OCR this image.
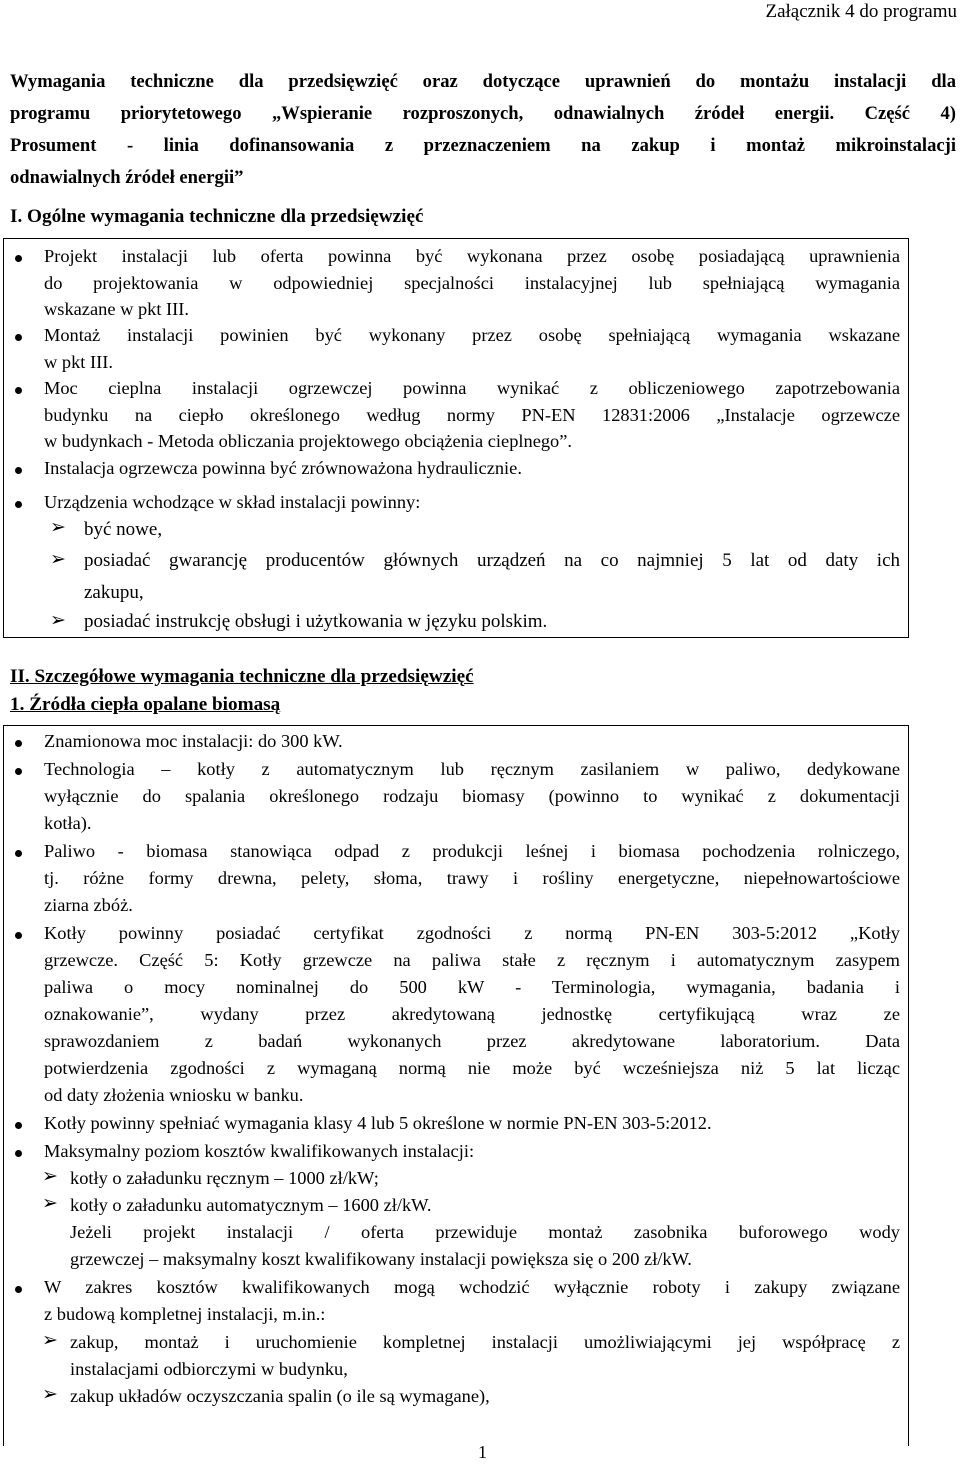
Załącznik 4 do programu
Wymagania techniczne dla przedsięwzięć oraz dotyczące uprawnień do montażu instalacji dla
programu priorytetowego „Wspieranie rozproszonych, odnawialnych źródeł energii. Część 4)
Prosument - linia dofinansowania z przeznaczeniem na zakup i montaż mikroinstalacji
odnawialnych źródeł energii”
I. Ogólne wymagania techniczne dla przedsięwzięć
Projekt instalacji lub oferta powinna być wykonana przez osobę posiadającą uprawnienia
do projektowania w odpowiedniej specjalności instalacyjnej lub spełniającą wymagania
wskazane w pkt III.
Montaż instalacji powinien być wykonany przez osobę spełniającą wymagania wskazane
w pkt III.
Moc cieplna instalacji ogrzewczej powinna wynikać z obliczeniowego zapotrzebowania
budynku na ciepło określonego według normy PN-EN 12831:2006 „Instalacje ogrzewcze
w budynkach - Metoda obliczania projektowego obciążenia cieplnego”.
Instalacja ogrzewcza powinna być zrównoważona hydraulicznie.
Urządzenia wchodzące w skład instalacji powinny:
➢ być nowe,
➢ posiadać gwarancję producentów głównych urządzeń na co najmniej 5 lat od daty ich
zakupu,
➢ posiadać instrukcję obsługi i użytkowania w języku polskim.
II. Szczegółowe wymagania techniczne dla przedsięwzięć
1. Źródła ciepła opalane biomasą
Znamionowa moc instalacji: do 300 kW.
Technologia – kotły z automatycznym lub ręcznym zasilaniem w paliwo, dedykowane
wyłącznie do spalania określonego rodzaju biomasy (powinno to wynikać z dokumentacji
kotła).
Paliwo - biomasa stanowiąca odpad z produkcji leśnej i biomasa pochodzenia rolniczego,
tj. różne formy drewna, pelety, słoma, trawy i rośliny energetyczne, niepełnowartościowe
ziarna zbóż.
Kotły powinny posiadać certyfikat zgodności z normą PN-EN 303-5:2012 „Kotły
grzewcze. Część 5: Kotły grzewcze na paliwa stałe z ręcznym i automatycznym zasypem
paliwa o mocy nominalnej do 500 kW - Terminologia, wymagania, badania i
oznakowanie”, wydany przez akredytowaną jednostkę certyfikującą wraz ze
sprawozdaniem z badań wykonanych przez akredytowane laboratorium. Data
potwierdzenia zgodności z wymaganą normą nie może być wcześniejsza niż 5 lat licząc
od daty złożenia wniosku w banku.
Kotły powinny spełniać wymagania klasy 4 lub 5 określone w normie PN-EN 303-5:2012.
Maksymalny poziom kosztów kwalifikowanych instalacji:
➢ kotły o załadunku ręcznym – 1000 zł/kW;
➢ kotły o załadunku automatycznym – 1600 zł/kW.
Jeżeli projekt instalacji / oferta przewiduje montaż zasobnika buforowego wody
grzewczej – maksymalny koszt kwalifikowany instalacji powiększa się o 200 zł/kW.
W zakres kosztów kwalifikowanych mogą wchodzić wyłącznie roboty i zakupy związane
z budową kompletnej instalacji, m.in.:
➢ zakup, montaż i uruchomienie kompletnej instalacji umożliwiającymi jej współpracę z
instalacjami odbiorczymi w budynku,
➢ zakup układów oczyszczania spalin (o ile są wymagane),
1
